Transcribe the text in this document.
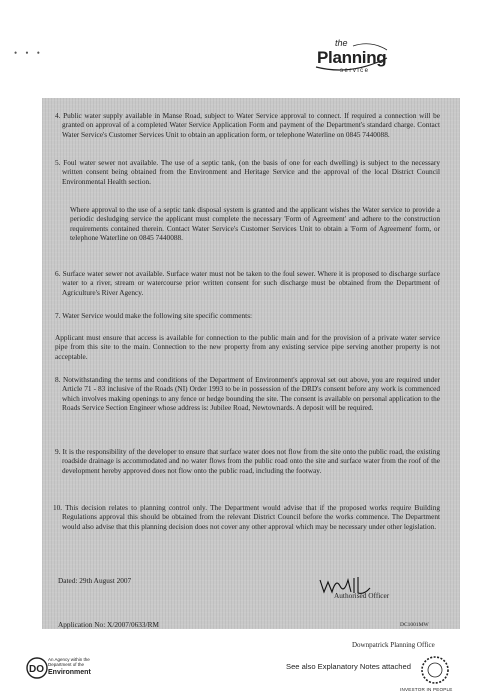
• • •
the
Planning
service
4. Public water supply available in Manse Road, subject to Water Service approval to connect. If required a connection will be granted on approval of a completed Water Service Application Form and payment of the Department's standard charge. Contact Water Service's Customer Services Unit to obtain an application form, or telephone Waterline on 0845 7440088.
5. Foul water sewer not available. The use of a septic tank, (on the basis of one for each dwelling) is subject to the necessary written consent being obtained from the Environment and Heritage Service and the approval of the local District Council Environmental Health section.
Where approval to the use of a septic tank disposal system is granted and the applicant wishes the Water service to provide a periodic desludging service the applicant must complete the necessary 'Form of Agreement' and adhere to the construction requirements contained therein. Contact Water Service's Customer Services Unit to obtain a 'Form of Agreement' form, or telephone Waterline on 0845 7440088.
6. Surface water sewer not available. Surface water must not be taken to the foul sewer. Where it is proposed to discharge surface water to a river, stream or watercourse prior written consent for such discharge must be obtained from the Department of Agriculture's River Agency.
7. Water Service would make the following site specific comments:
Applicant must ensure that access is available for connection to the public main and for the provision of a private water service pipe from this site to the main. Connection to the new property from any existing service pipe serving another property is not acceptable.
8. Notwithstanding the terms and conditions of the Department of Environment's approval set out above, you are required under Article 71 - 83 inclusive of the Roads (NI) Order 1993 to be in possession of the DRD's consent before any work is commenced which involves making openings to any fence or hedge bounding the site. The consent is available on personal application to the Roads Service Section Engineer whose address is: Jubilee Road, Newtownards. A deposit will be required.
9. It is the responsibility of the developer to ensure that surface water does not flow from the site onto the public road, the existing roadside drainage is accommodated and no water flows from the public road onto the site and surface water from the roof of the development hereby approved does not flow onto the public road, including the footway.
10. This decision relates to planning control only. The Department would advise that if the proposed works require Building Regulations approval this should be obtained from the relevant District Council before the works commence. The Department would also advise that this planning decision does not cover any other approval which may be necessary under other legislation.
Dated: 29th August 2007
Authorised Officer
Application No: X/2007/0633/RM	DC1001MW
Downpatrick Planning Office
DO
An Agency within the Department of the
Environment
See also Explanatory Notes attached
INVESTOR IN PEOPLE
